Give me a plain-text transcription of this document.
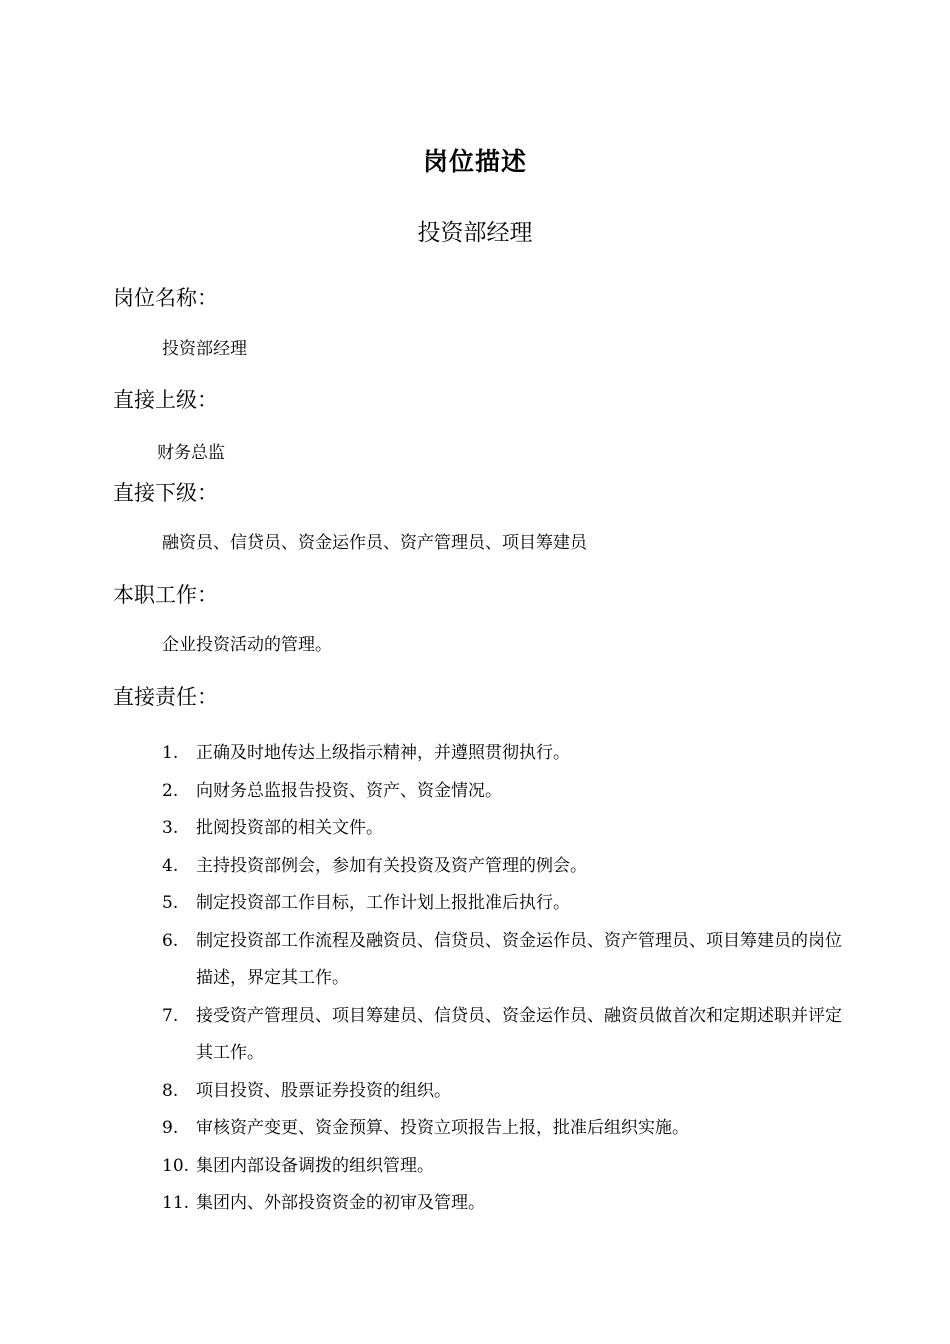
岗位描述
投资部经理
岗位名称：
投资部经理
直接上级：
财务总监
直接下级：
融资员、信贷员、资金运作员、资产管理员、项目筹建员
本职工作：
企业投资活动的管理。
直接责任：
1. 正确及时地传达上级指示精神，并遵照贯彻执行。
2. 向财务总监报告投资、资产、资金情况。
3. 批阅投资部的相关文件。
4. 主持投资部例会，参加有关投资及资产管理的例会。
5. 制定投资部工作目标，工作计划上报批准后执行。
6. 制定投资部工作流程及融资员、信贷员、资金运作员、资产管理员、项目筹建员的岗位描述，界定其工作。
7. 接受资产管理员、项目筹建员、信贷员、资金运作员、融资员做首次和定期述职并评定其工作。
8. 项目投资、股票证券投资的组织。
9. 审核资产变更、资金预算、投资立项报告上报，批准后组织实施。
10. 集团内部设备调拨的组织管理。
11. 集团内、外部投资资金的初审及管理。
